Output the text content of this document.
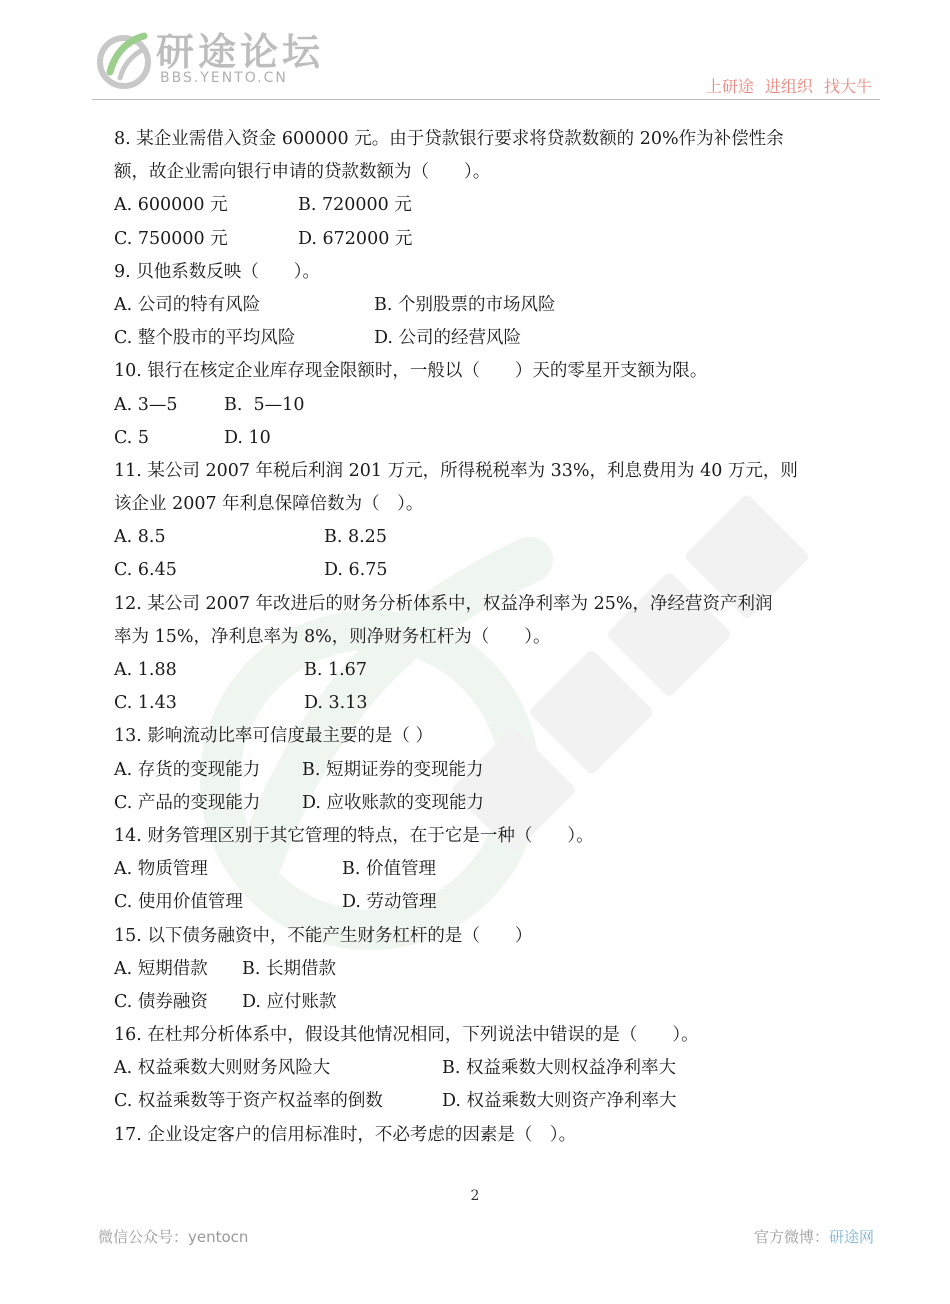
研途论坛
BBS.YENTO.CN	上研途 进组织 找大牛
8. 某企业需借入资金 600000 元。由于贷款银行要求将贷款数额的 20%作为补偿性余
额，故企业需向银行申请的贷款数额为（　　）。
A. 600000 元	B. 720000 元
C. 750000 元	D. 672000 元
9. 贝他系数反映（　　）。
A. 公司的特有风险	B. 个别股票的市场风险
C. 整个股市的平均风险	D. 公司的经营风险
10. 银行在核定企业库存现金限额时，一般以（　　）天的零星开支额为限。
A. 3—5	B.  5—10
C. 5	D. 10
11. 某公司 2007 年税后利润 201 万元，所得税税率为 33%，利息费用为 40 万元，则
该企业 2007 年利息保障倍数为（　）。
A. 8.5	B. 8.25
C. 6.45	D. 6.75
12. 某公司 2007 年改进后的财务分析体系中，权益净利率为 25%，净经营资产利润
率为 15%，净利息率为 8%，则净财务杠杆为（　　）。
A. 1.88	B. 1.67
C. 1.43	D. 3.13
13. 影响流动比率可信度最主要的是（ ）
A. 存货的变现能力	B. 短期证券的变现能力
C. 产品的变现能力	D. 应收账款的变现能力
14. 财务管理区别于其它管理的特点，在于它是一种（　　）。
A. 物质管理	B. 价值管理
C. 使用价值管理	D. 劳动管理
15. 以下债务融资中，不能产生财务杠杆的是（　　）
A. 短期借款	B. 长期借款
C. 债券融资	D. 应付账款
16. 在杜邦分析体系中，假设其他情况相同，下列说法中错误的是（　　）。
A. 权益乘数大则财务风险大	B. 权益乘数大则权益净利率大
C. 权益乘数等于资产权益率的倒数	D. 权益乘数大则资产净利率大
17. 企业设定客户的信用标准时，不必考虑的因素是（　）。
2
微信公众号：yentocn	官方微博：研途网
